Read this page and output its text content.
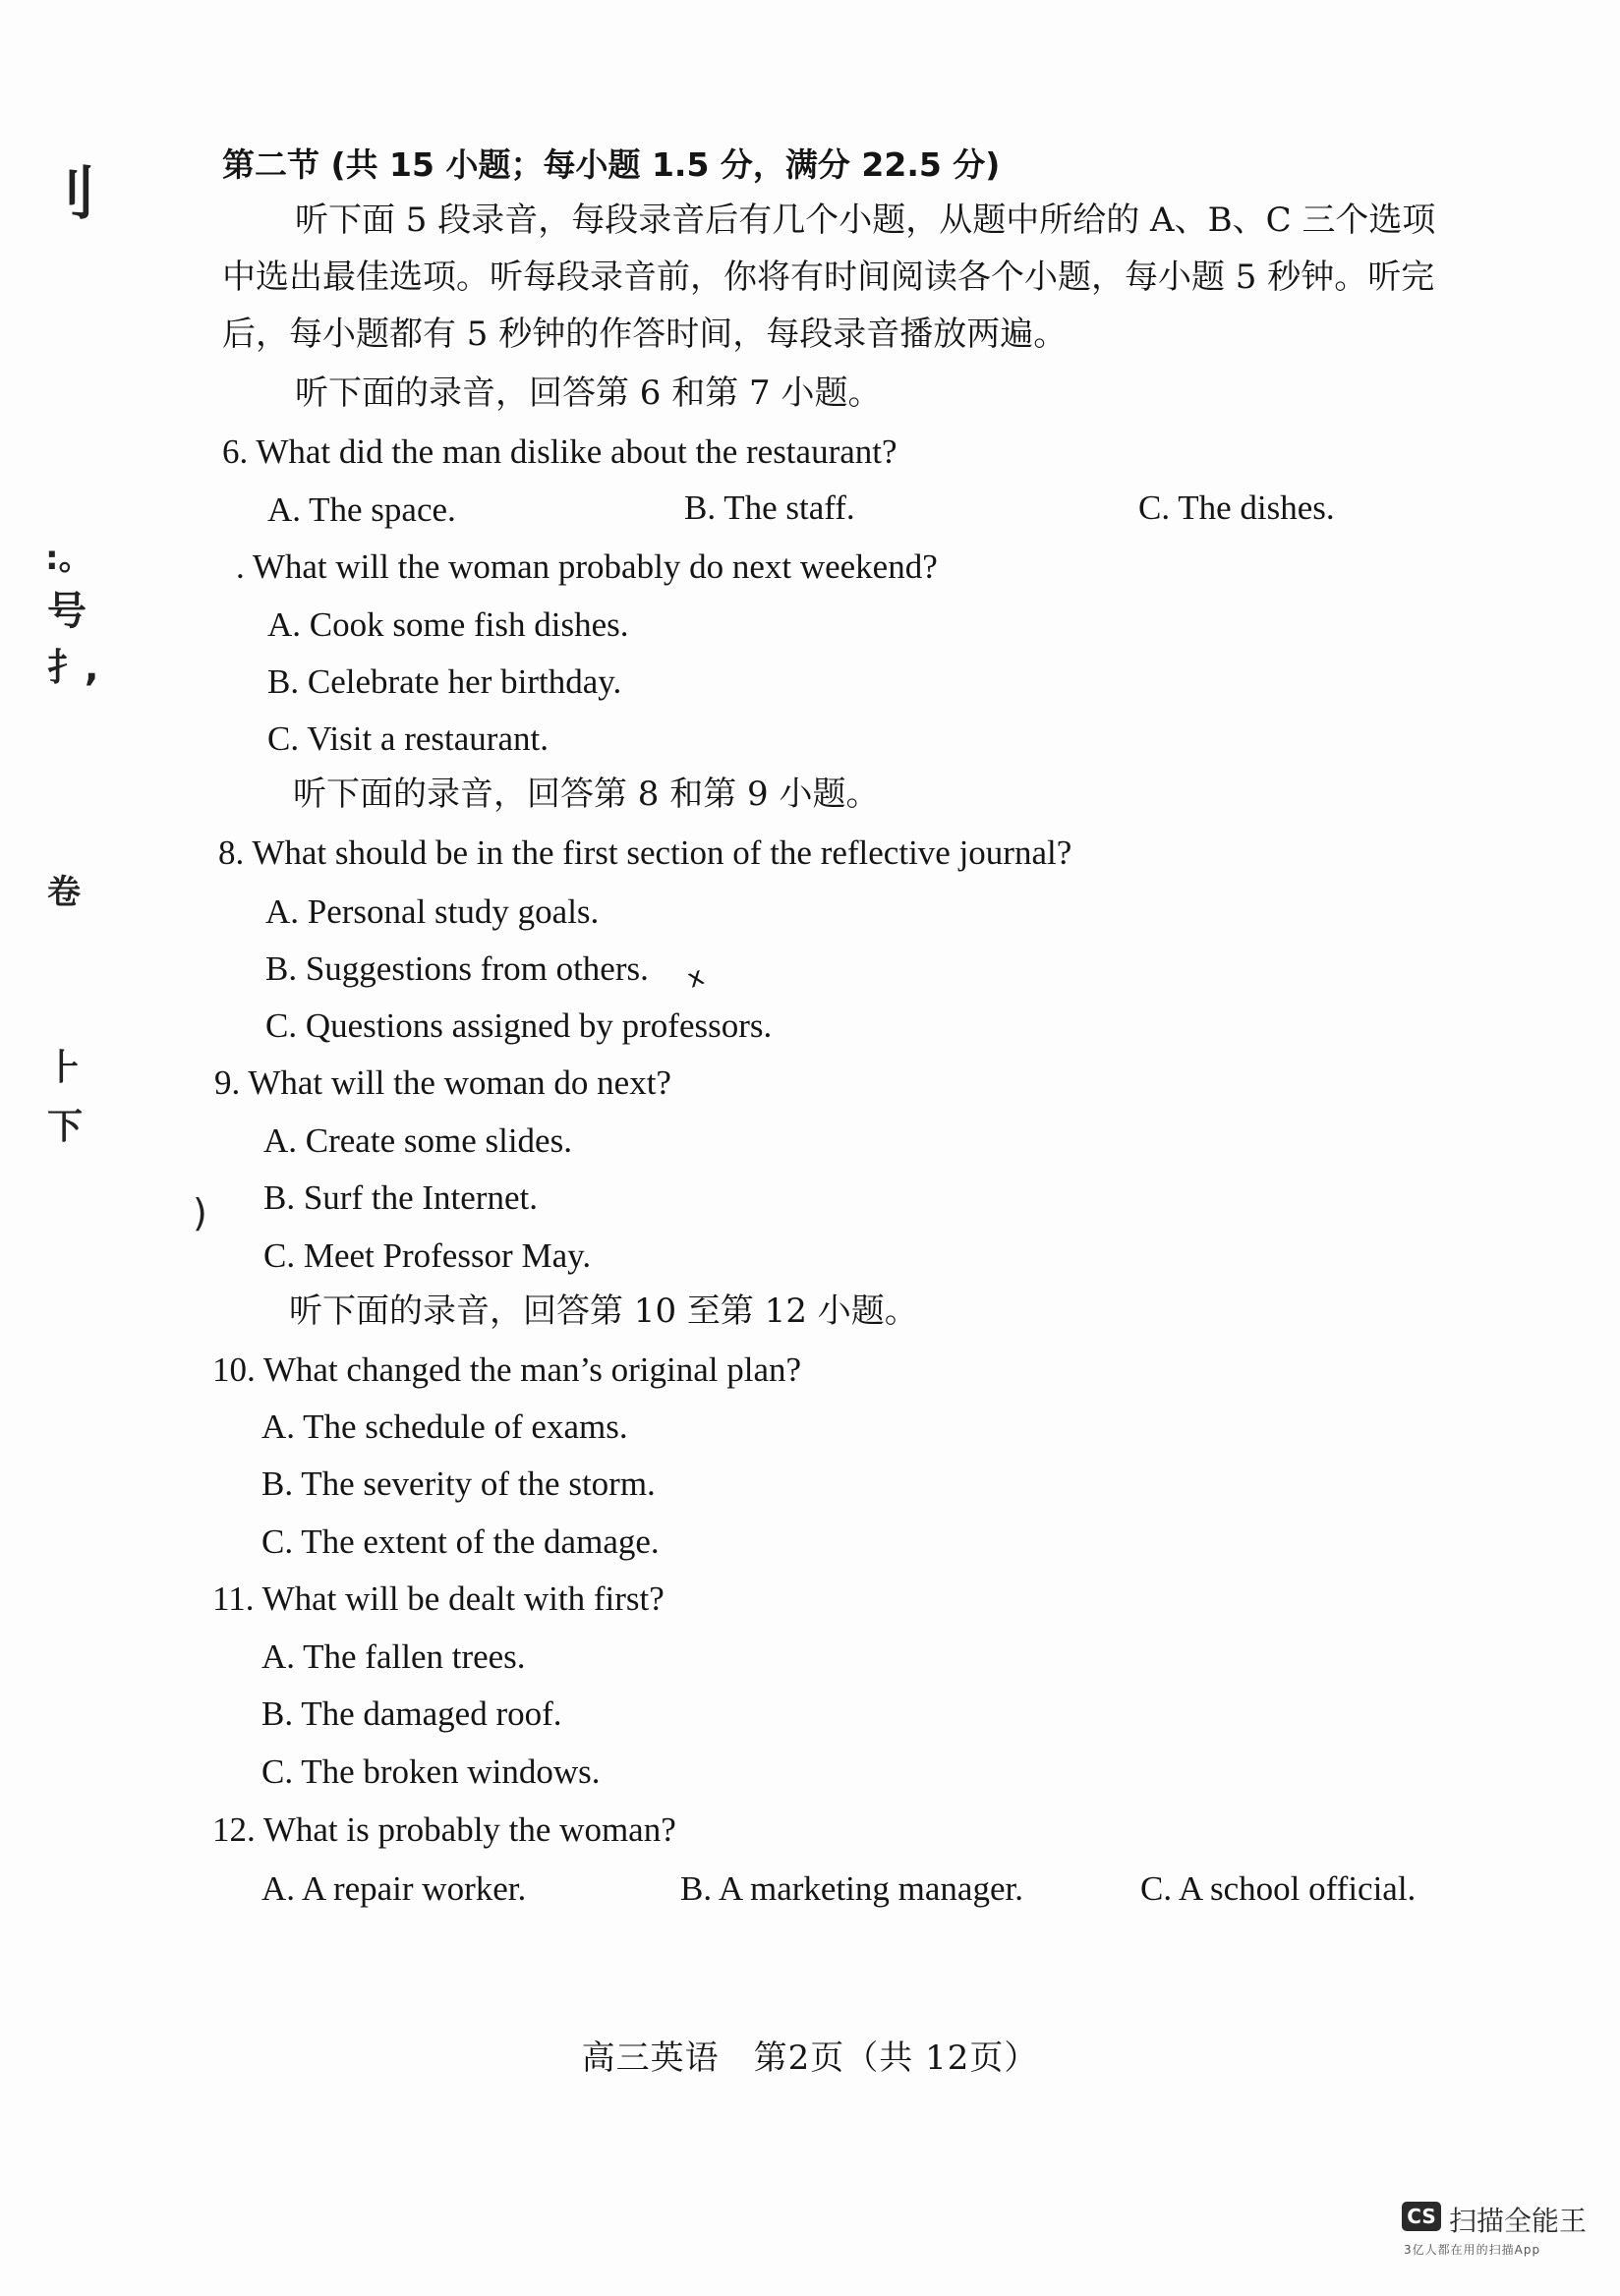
刂
:。
号
扌,
卷
⺊
下
)
第二节 (共 15 小题；每小题 1.5 分，满分 22.5 分)
听下面 5 段录音，每段录音后有几个小题，从题中所给的 A、B、C 三个选项
中选出最佳选项。听每段录音前，你将有时间阅读各个小题，每小题 5 秒钟。听完
后，每小题都有 5 秒钟的作答时间，每段录音播放两遍。
听下面的录音，回答第 6 和第 7 小题。
6. What did the man dislike about the restaurant?
A. The space.	B. The staff.	C. The dishes.
. What will the woman probably do next weekend?
A. Cook some fish dishes.
B. Celebrate her birthday.
C. Visit a restaurant.
听下面的录音，回答第 8 和第 9 小题。
8. What should be in the first section of the reflective journal?
A. Personal study goals.
B. Suggestions from others. x
C. Questions assigned by professors.
9. What will the woman do next?
A. Create some slides.
B. Surf the Internet.
C. Meet Professor May.
听下面的录音，回答第 10 至第 12 小题。
10. What changed the man’s original plan?
A. The schedule of exams.
B. The severity of the storm.
C. The extent of the damage.
11. What will be dealt with first?
A. The fallen trees.
B. The damaged roof.
C. The broken windows.
12. What is probably the woman?
A. A repair worker.	B. A marketing manager.	C. A school official.
高三英语　第2页（共 12页）
CS 扫描全能王
3亿人都在用的扫描App
